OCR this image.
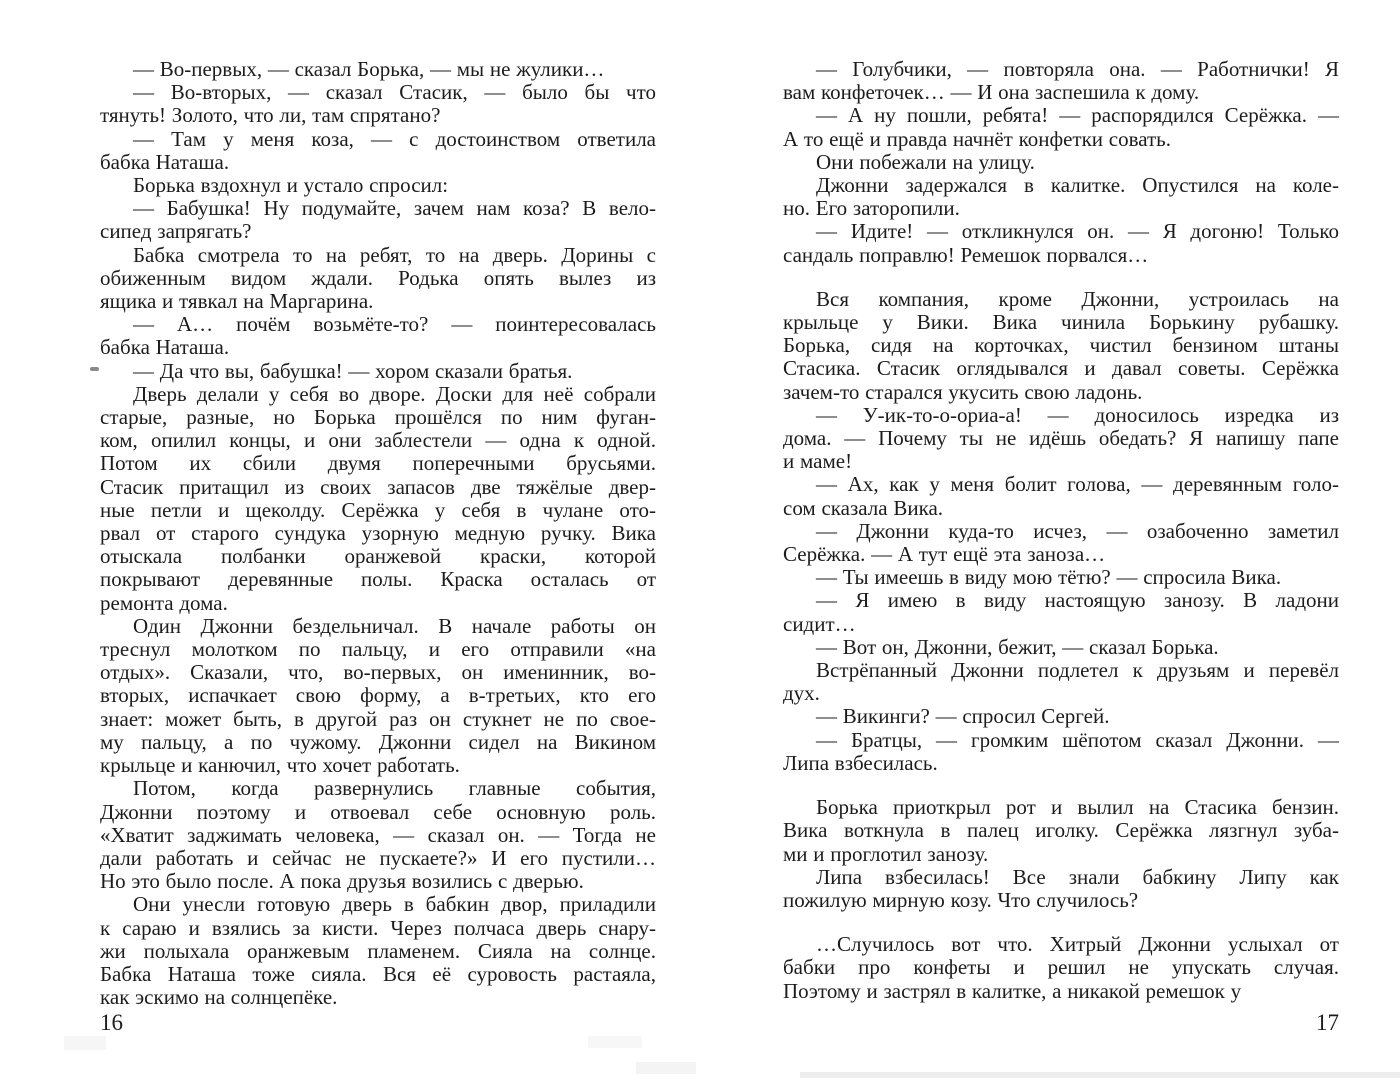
— Во-первых, — сказал Борька, — мы не жулики…
— Во-вторых, — сказал Стасик, — было бы что
тянуть! Золото, что ли, там спрятано?
— Там у меня коза, — с достоинством ответила
бабка Наташа.
Борька вздохнул и устало спросил:
— Бабушка! Ну подумайте, зачем нам коза? В вело-
сипед запрягать?
Бабка смотрела то на ребят, то на дверь. Дорины с
обиженным видом ждали. Родька опять вылез из
ящика и тявкал на Маргарина.
— А… почём возьмёте-то? — поинтересовалась
бабка Наташа.
— Да что вы, бабушка! — хором сказали братья.
Дверь делали у себя во дворе. Доски для неё собрали
старые, разные, но Борька прошёлся по ним фуган-
ком, опилил концы, и они заблестели — одна к одной.
Потом их сбили двумя поперечными брусьями.
Стасик притащил из своих запасов две тяжёлые двер-
ные петли и щеколду. Серёжка у себя в чулане ото-
рвал от старого сундука узорную медную ручку. Вика
отыскала полбанки оранжевой краски, которой
покрывают деревянные полы. Краска осталась от
ремонта дома.
Один Джонни бездельничал. В начале работы он
треснул молотком по пальцу, и его отправили «на
отдых». Сказали, что, во-первых, он именинник, во-
вторых, испачкает свою форму, а в-третьих, кто его
знает: может быть, в другой раз он стукнет не по свое-
му пальцу, а по чужому. Джонни сидел на Викином
крыльце и канючил, что хочет работать.
Потом, когда развернулись главные события,
Джонни поэтому и отвоевал себе основную роль.
«Хватит заджимать человека, — сказал он. — Тогда не
дали работать и сейчас не пускаете?» И его пустили…
Но это было после. А пока друзья возились с дверью.
Они унесли готовую дверь в бабкин двор, приладили
к сараю и взялись за кисти. Через полчаса дверь снару-
жи полыхала оранжевым пламенем. Сияла на солнце.
Бабка Наташа тоже сияла. Вся её суровость растаяла,
как эскимо на солнцепёке.
— Голубчики, — повторяла она. — Работнички! Я
вам конфеточек… — И она заспешила к дому.
— А ну пошли, ребята! — распорядился Серёжка. —
А то ещё и правда начнёт конфетки совать.
Они побежали на улицу.
Джонни задержался в калитке. Опустился на коле-
но. Его заторопили.
— Идите! — откликнулся он. — Я догоню! Только
сандаль поправлю! Ремешок порвался…
Вся компания, кроме Джонни, устроилась на
крыльце у Вики. Вика чинила Борькину рубашку.
Борька, сидя на корточках, чистил бензином штаны
Стасика. Стасик оглядывался и давал советы. Серёжка
зачем-то старался укусить свою ладонь.
— У-ик-то-о-ориа-а! — доносилось изредка из
дома. — Почему ты не идёшь обедать? Я напишу папе
и маме!
— Ах, как у меня болит голова, — деревянным голо-
сом сказала Вика.
— Джонни куда-то исчез, — озабоченно заметил
Серёжка. — А тут ещё эта заноза…
— Ты имеешь в виду мою тётю? — спросила Вика.
— Я имею в виду настоящую занозу. В ладони
сидит…
— Вот он, Джонни, бежит, — сказал Борька.
Встрёпанный Джонни подлетел к друзьям и перевёл
дух.
— Викинги? — спросил Сергей.
— Братцы, — громким шёпотом сказал Джонни. —
Липа взбесилась.
Борька приоткрыл рот и вылил на Стасика бензин.
Вика воткнула в палец иголку. Серёжка лязгнул зуба-
ми и проглотил занозу.
Липа взбесилась! Все знали бабкину Липу как
пожилую мирную козу. Что случилось?
…Случилось вот что. Хитрый Джонни услыхал от
бабки про конфеты и решил не упускать случая.
Поэтому и застрял в калитке, а никакой ремешок у
16	17
